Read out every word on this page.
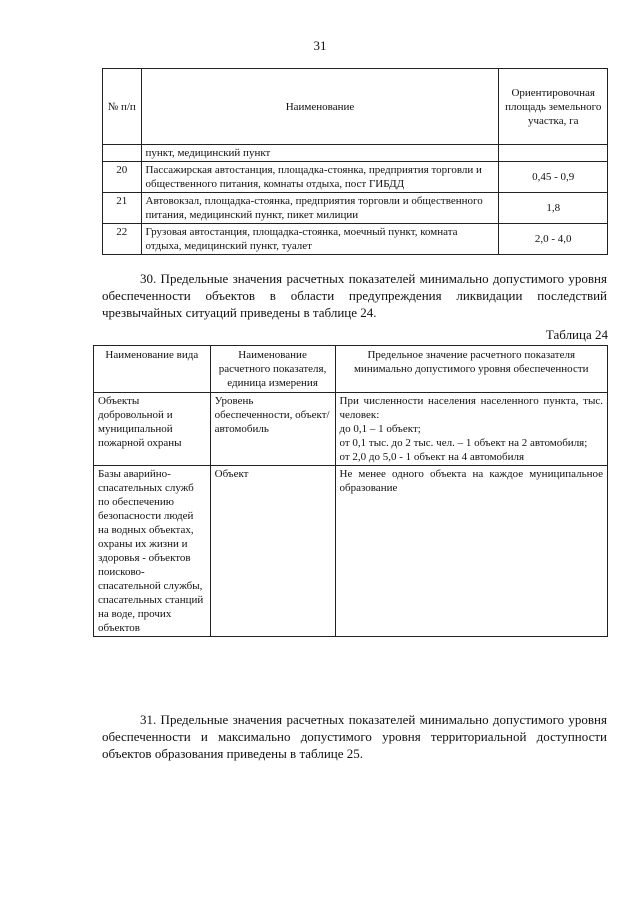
31
№ п/п	Наименование	Ориентировочная площадь земельного участка, га
	пункт, медицинский пункт	
20	Пассажирская автостанция, площадка-стоянка, предприятия торговли и общественного питания, комнаты отдыха, пост ГИБДД	0,45 - 0,9
21	Автовокзал, площадка-стоянка, предприятия торговли и общественного питания, медицинский пункт, пикет милиции	1,8
22	Грузовая автостанция, площадка-стоянка, моечный пункт, комната отдыха, медицинский пункт, туалет	2,0 - 4,0
30. Предельные значения расчетных показателей минимально допустимого уровня обеспеченности объектов в области предупреждения ликвидации последствий чрезвычайных ситуаций приведены в таблице 24.
Таблица 24
Наименование вида	Наименование расчетного показателя, единица измерения	Предельное значение расчетного показателя минимально допустимого уровня обеспеченности
Объекты добровольной и муниципальной пожарной охраны	Уровень обеспеченности, объект/автомобиль	При численности населения населенного пункта, тыс. человек:
до 0,1 – 1 объект;
от 0,1 тыс. до 2 тыс. чел. – 1 объект на 2 автомобиля;
от 2,0 до 5,0 - 1 объект на 4 автомобиля

Базы аварийно-спасательных служб по обеспечению безопасности людей на водных объектах, охраны их жизни и здоровья - объектов поисково-спасательной службы, спасательных станций на воде, прочих объектов	Объект	Не менее одного объекта на каждое муниципальное образование
31. Предельные значения расчетных показателей минимально допустимого уровня обеспеченности и максимально допустимого уровня территориальной доступности объектов образования приведены в таблице 25.
